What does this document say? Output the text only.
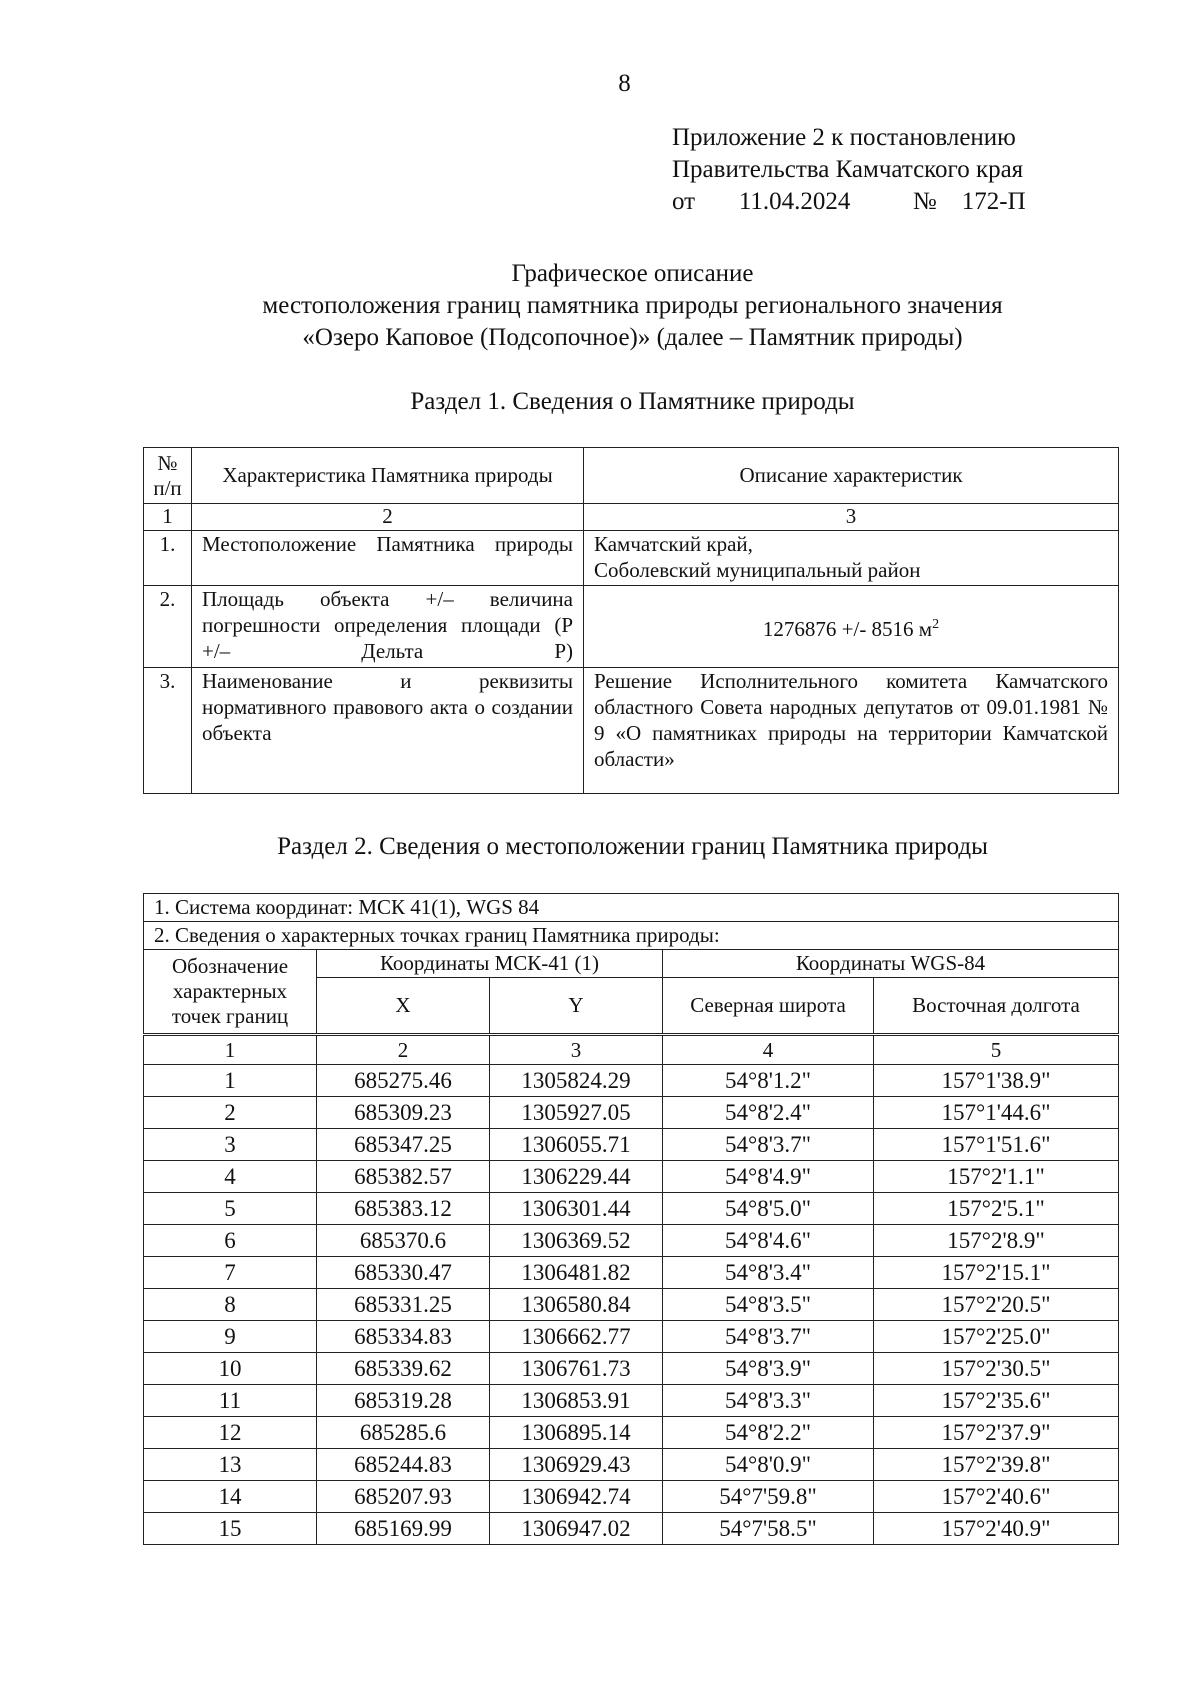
8
Приложение 2 к постановлению
Правительства Камчатского края
от       11.04.2024          №    172-П
Графическое описание
местоположения границ памятника природы регионального значения
«Озеро Каповое (Подсопочное)» (далее – Памятник природы)
Раздел 1. Сведения о Памятнике природы
№ п/п	Характеристика Памятника природы	Описание характеристик
1	2	3
1.	Местоположение Памятника природы	Камчатский край,
Соболевский муниципальный район

2.	Площадь объекта +/– величина погрешности определения площади (P +/– Дельта P)	1276876 +/- 8516 $м^2$
3.	Наименование и реквизиты нормативного правового акта о создании объекта	Решение Исполнительного комитета Камчатского областного Совета народных депутатов от 09.01.1981 № 9 «О памятниках природы на территории Камчатской области»
Раздел 2. Сведения о местоположении границ Памятника природы
1. Система координат: МСК 41(1), WGS 84				
2. Сведения о характерных точках границ Памятника природы:				
Обозначение характерных точек границ	Координаты МСК-41 (1)		Координаты WGS-84	
	X	Y	Северная широта	Восточная долгота
1	2	3	4	5
1	685275.46	1305824.29	54°8'1.2"	157°1'38.9"
2	685309.23	1305927.05	54°8'2.4"	157°1'44.6"
3	685347.25	1306055.71	54°8'3.7"	157°1'51.6"
4	685382.57	1306229.44	54°8'4.9"	157°2'1.1"
5	685383.12	1306301.44	54°8'5.0"	157°2'5.1"
6	685370.6	1306369.52	54°8'4.6"	157°2'8.9"
7	685330.47	1306481.82	54°8'3.4"	157°2'15.1"
8	685331.25	1306580.84	54°8'3.5"	157°2'20.5"
9	685334.83	1306662.77	54°8'3.7"	157°2'25.0"
10	685339.62	1306761.73	54°8'3.9"	157°2'30.5"
11	685319.28	1306853.91	54°8'3.3"	157°2'35.6"
12	685285.6	1306895.14	54°8'2.2"	157°2'37.9"
13	685244.83	1306929.43	54°8'0.9"	157°2'39.8"
14	685207.93	1306942.74	54°7'59.8"	157°2'40.6"
15	685169.99	1306947.02	54°7'58.5"	157°2'40.9"
